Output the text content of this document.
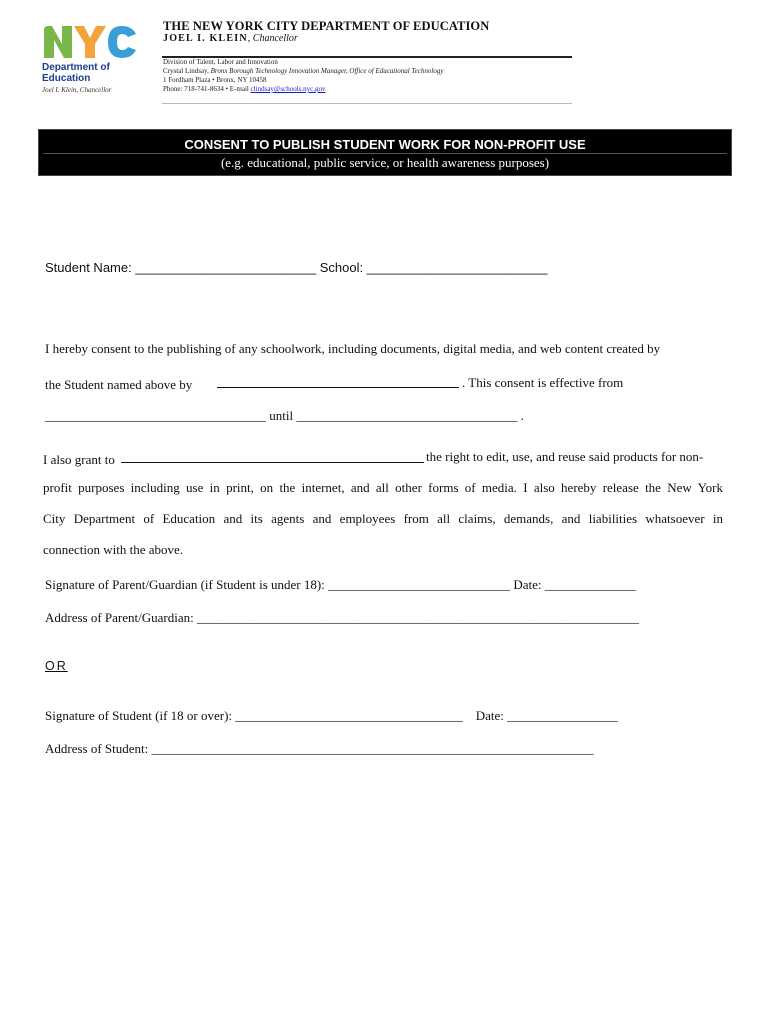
Department of Education
Joel I. Klein, Chancellor
THE NEW YORK CITY DEPARTMENT OF EDUCATION
JOEL I. KLEIN, Chancellor
Division of Talent, Labor and Innovation
Crystal Lindsay, Bronx Borough Technology Innovation Manager, Office of Educational Technology
1 Fordham Plaza • Bronx, NY 10458
Phone: 718-741-8634 • E-mail clindsay@schools.nyc.gov
CONSENT TO PUBLISH STUDENT WORK FOR NON-PROFIT USE
(e.g. educational, public service, or health awareness purposes)
Student Name: _________________________ School: _________________________
I hereby consent to the publishing of any schoolwork, including documents, digital media, and web content created by
the Student named above by	. This consent is effective from
__________________________________ until __________________________________ .
I also grant to	the right to edit, use, and reuse said products for non-
profit purposes including use in print, on the internet, and all other forms of media. I also hereby release the New York
City Department of Education and its agents and employees from all claims, demands, and liabilities whatsoever in
connection with the above.
Signature of Parent/Guardian (if Student is under 18): ____________________________ Date: ______________
Address of Parent/Guardian: ____________________________________________________________________
OR
Signature of Student (if 18 or over): ___________________________________ Date: _________________
Address of Student: ____________________________________________________________________
